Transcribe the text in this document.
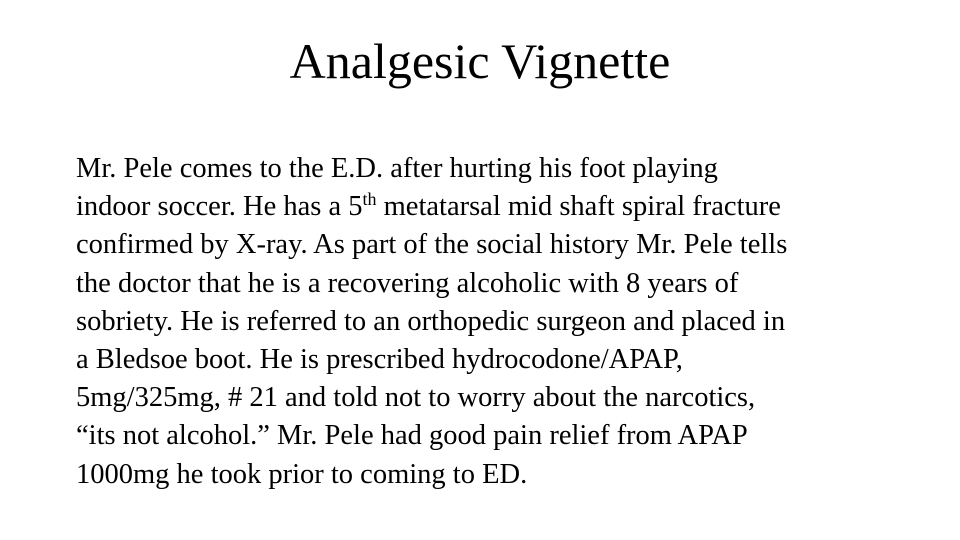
Analgesic Vignette
Mr. Pele comes to the E.D. after hurting his foot playing
indoor soccer. He has a 5th metatarsal mid shaft spiral fracture
confirmed by X-ray. As part of the social history Mr. Pele tells
the doctor that he is a recovering alcoholic with 8 years of
sobriety. He is referred to an orthopedic surgeon and placed in
a Bledsoe boot. He is prescribed hydrocodone/APAP,
5mg/325mg, # 21 and told not to worry about the narcotics,
“its not alcohol.” Mr. Pele had good pain relief from APAP
1000mg he took prior to coming to ED.
